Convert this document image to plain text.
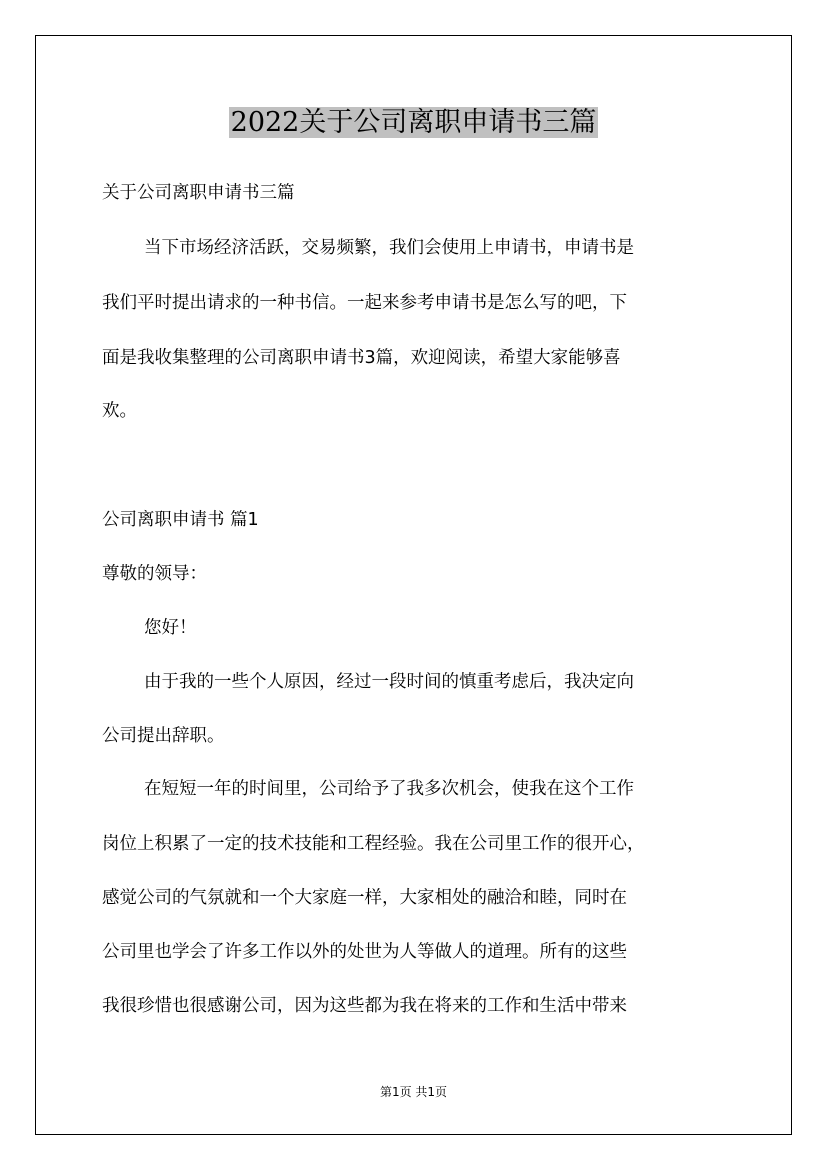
2022关于公司离职申请书三篇
关于公司离职申请书三篇
当下市场经济活跃，交易频繁，我们会使用上申请书，申请书是
我们平时提出请求的一种书信。一起来参考申请书是怎么写的吧，下
面是我收集整理的公司离职申请书3篇，欢迎阅读，希望大家能够喜
欢。
公司离职申请书 篇1
尊敬的领导：
您好！
由于我的一些个人原因，经过一段时间的慎重考虑后，我决定向
公司提出辞职。
在短短一年的时间里，公司给予了我多次机会，使我在这个工作
岗位上积累了一定的技术技能和工程经验。我在公司里工作的很开心，
感觉公司的气氛就和一个大家庭一样，大家相处的融洽和睦，同时在
公司里也学会了许多工作以外的处世为人等做人的道理。所有的这些
我很珍惜也很感谢公司，因为这些都为我在将来的工作和生活中带来
第1页 共1页
